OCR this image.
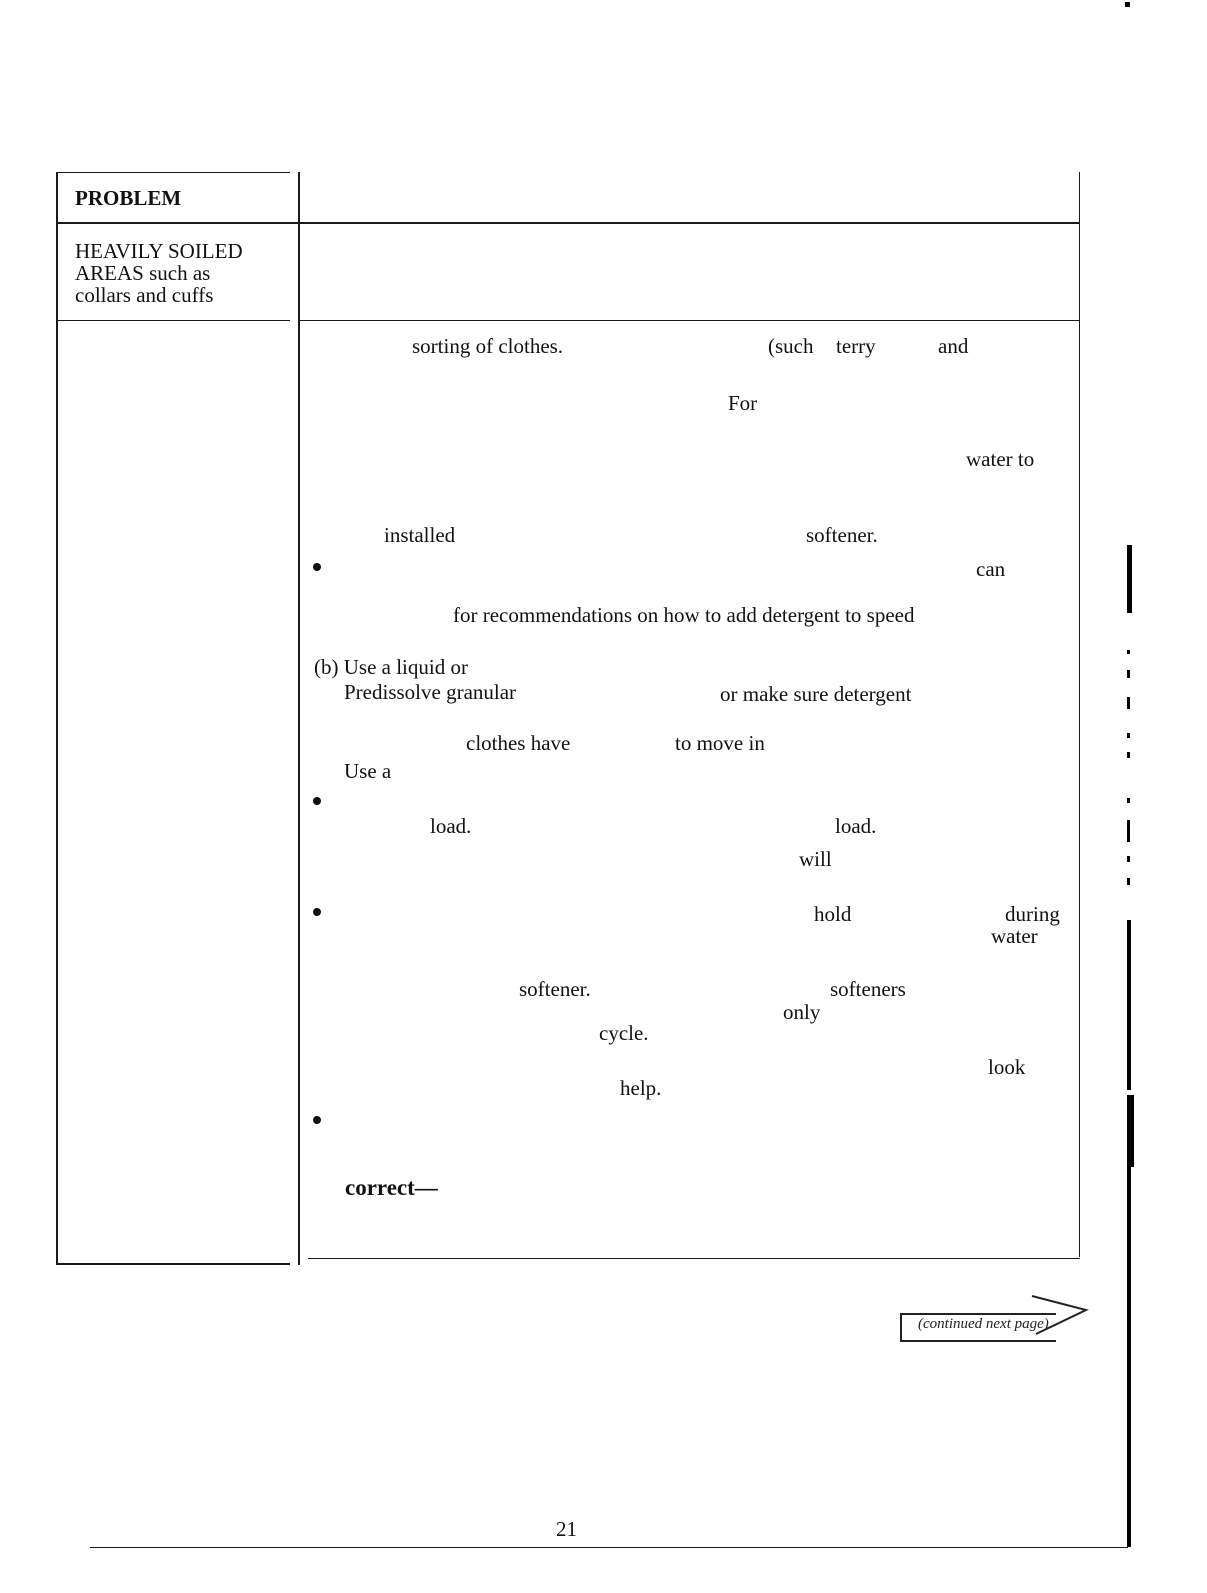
PROBLEM
HEAVILY SOILED
AREAS such as
collars and cuffs
sorting of clothes.	(such terry	and
For
water to
installed	softener.
can
for recommendations on how to add detergent to speed
(b) Use a liquid or
Predissolve granular	or make sure detergent
clothes have	to move in
Use a
load.	load.
will
hold	during
water
softener.	softeners
only
cycle.
look
help.
correct—
(continued next page)
21
